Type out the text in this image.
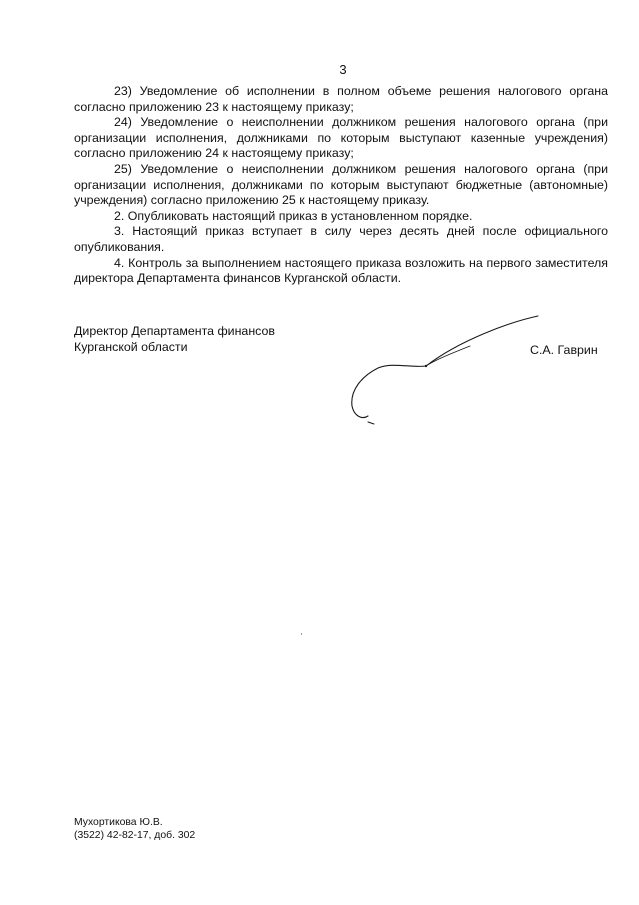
3

23) Уведомление об исполнении в полном объеме решения налогового органа согласно приложению 23 к настоящему приказу;

24) Уведомление о неисполнении должником решения налогового органа (при организации исполнения, должниками по которым выступают казенные учреждения) согласно приложению 24 к настоящему приказу;

25) Уведомление о неисполнении должником решения налогового органа (при организации исполнения, должниками по которым выступают бюджетные (автономные) учреждения) согласно приложению 25 к настоящему приказу.

2. Опубликовать настоящий приказ в установленном порядке.

3. Настоящий приказ вступает в силу через десять дней после официального опубликования.

4. Контроль за выполнением настоящего приказа возложить на первого заместителя директора Департамента финансов Курганской области.

Директор Департамента финансов
Курганской области	С.А. Гаврин
Мухортикова Ю.В.
(3522) 42-82-17, доб. 302
